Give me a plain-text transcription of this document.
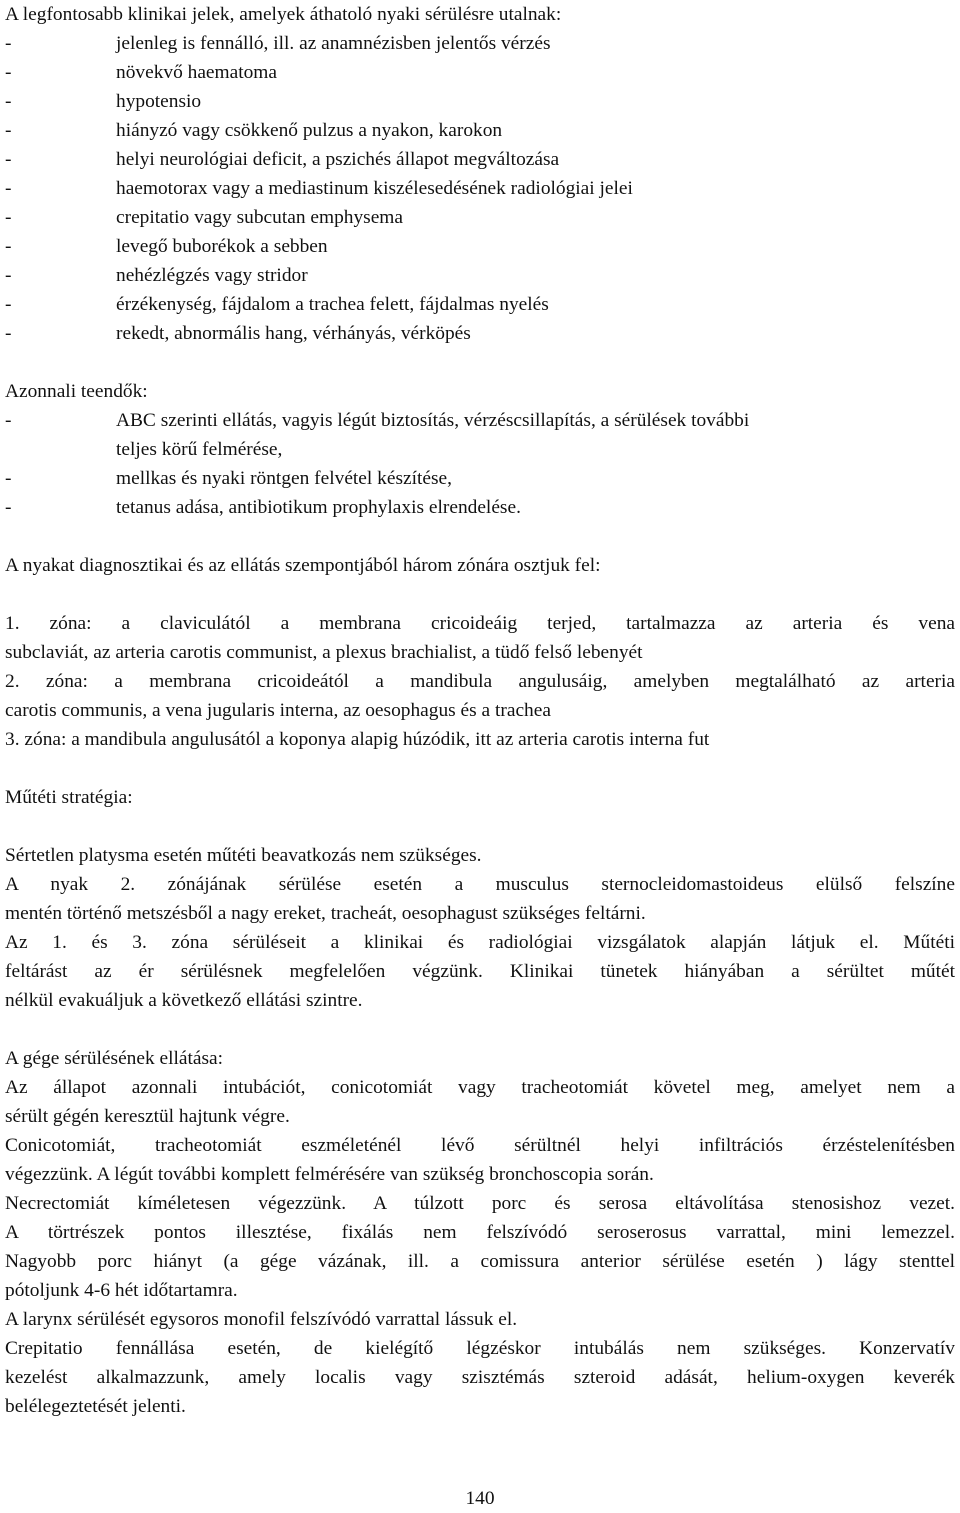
A legfontosabb klinikai jelek, amelyek áthatoló nyaki sérülésre utalnak:
-	jelenleg is fennálló, ill. az anamnézisben jelentős vérzés
-	növekvő haematoma
-	hypotensio
-	hiányzó vagy csökkenő pulzus a nyakon, karokon
-	helyi neurológiai deficit, a pszichés állapot megváltozása
-	haemotorax vagy a mediastinum kiszélesedésének radiológiai jelei
-	crepitatio vagy subcutan emphysema
-	levegő buborékok a sebben
-	nehézlégzés vagy stridor
-	érzékenység, fájdalom a trachea felett, fájdalmas nyelés
-	rekedt, abnormális hang, vérhányás, vérköpés
Azonnali teendők:
-	ABC szerinti ellátás, vagyis légút biztosítás, vérzéscsillapítás, a sérülések további
teljes körű felmérése,
-	mellkas és nyaki röntgen felvétel készítése,
-	tetanus adása, antibiotikum prophylaxis elrendelése.
A nyakat diagnosztikai és az ellátás szempontjából három zónára osztjuk fel:
1. zóna: a claviculától a membrana cricoideáig terjed, tartalmazza az arteria és vena
subclaviát, az arteria carotis communist, a plexus brachialist, a tüdő felső lebenyét
2. zóna: a membrana cricoideától a mandibula angulusáig, amelyben megtalálható az arteria
carotis communis, a vena jugularis interna, az oesophagus és a trachea
3. zóna: a mandibula angulusától a koponya alapig húzódik, itt az arteria carotis interna fut
Műtéti stratégia:
Sértetlen platysma esetén műtéti beavatkozás nem szükséges.
A nyak 2. zónájának sérülése esetén a musculus sternocleidomastoideus elülső felszíne
mentén történő metszésből a nagy ereket, tracheát, oesophagust szükséges feltárni.
Az 1. és 3. zóna sérüléseit a klinikai és radiológiai vizsgálatok alapján látjuk el. Műtéti
feltárást az ér sérülésnek megfelelően végzünk. Klinikai tünetek hiányában a sérültet műtét
nélkül evakuáljuk a következő ellátási szintre.
A gége sérülésének ellátása:
Az állapot azonnali intubációt, conicotomiát vagy tracheotomiát követel meg, amelyet nem a
sérült gégén keresztül hajtunk végre.
Conicotomiát, tracheotomiát eszméleténél lévő sérültnél helyi infiltrációs érzéstelenítésben
végezzünk. A légút további komplett felmérésére van szükség bronchoscopia során.
Necrectomiát kíméletesen végezzünk. A túlzott porc és serosa eltávolítása stenosishoz vezet.
A törtrészek pontos illesztése, fixálás nem felszívódó seroserosus varrattal, mini lemezzel.
Nagyobb porc hiányt (a gége vázának, ill. a comissura anterior sérülése esetén ) lágy stenttel
pótoljunk 4-6 hét időtartamra.
A larynx sérülését egysoros monofil felszívódó varrattal lássuk el.
Crepitatio fennállása esetén, de kielégítő légzéskor intubálás nem szükséges. Konzervatív
kezelést alkalmazzunk, amely localis vagy szisztémás szteroid adását, helium-oxygen keverék
belélegeztetését jelenti.
140
